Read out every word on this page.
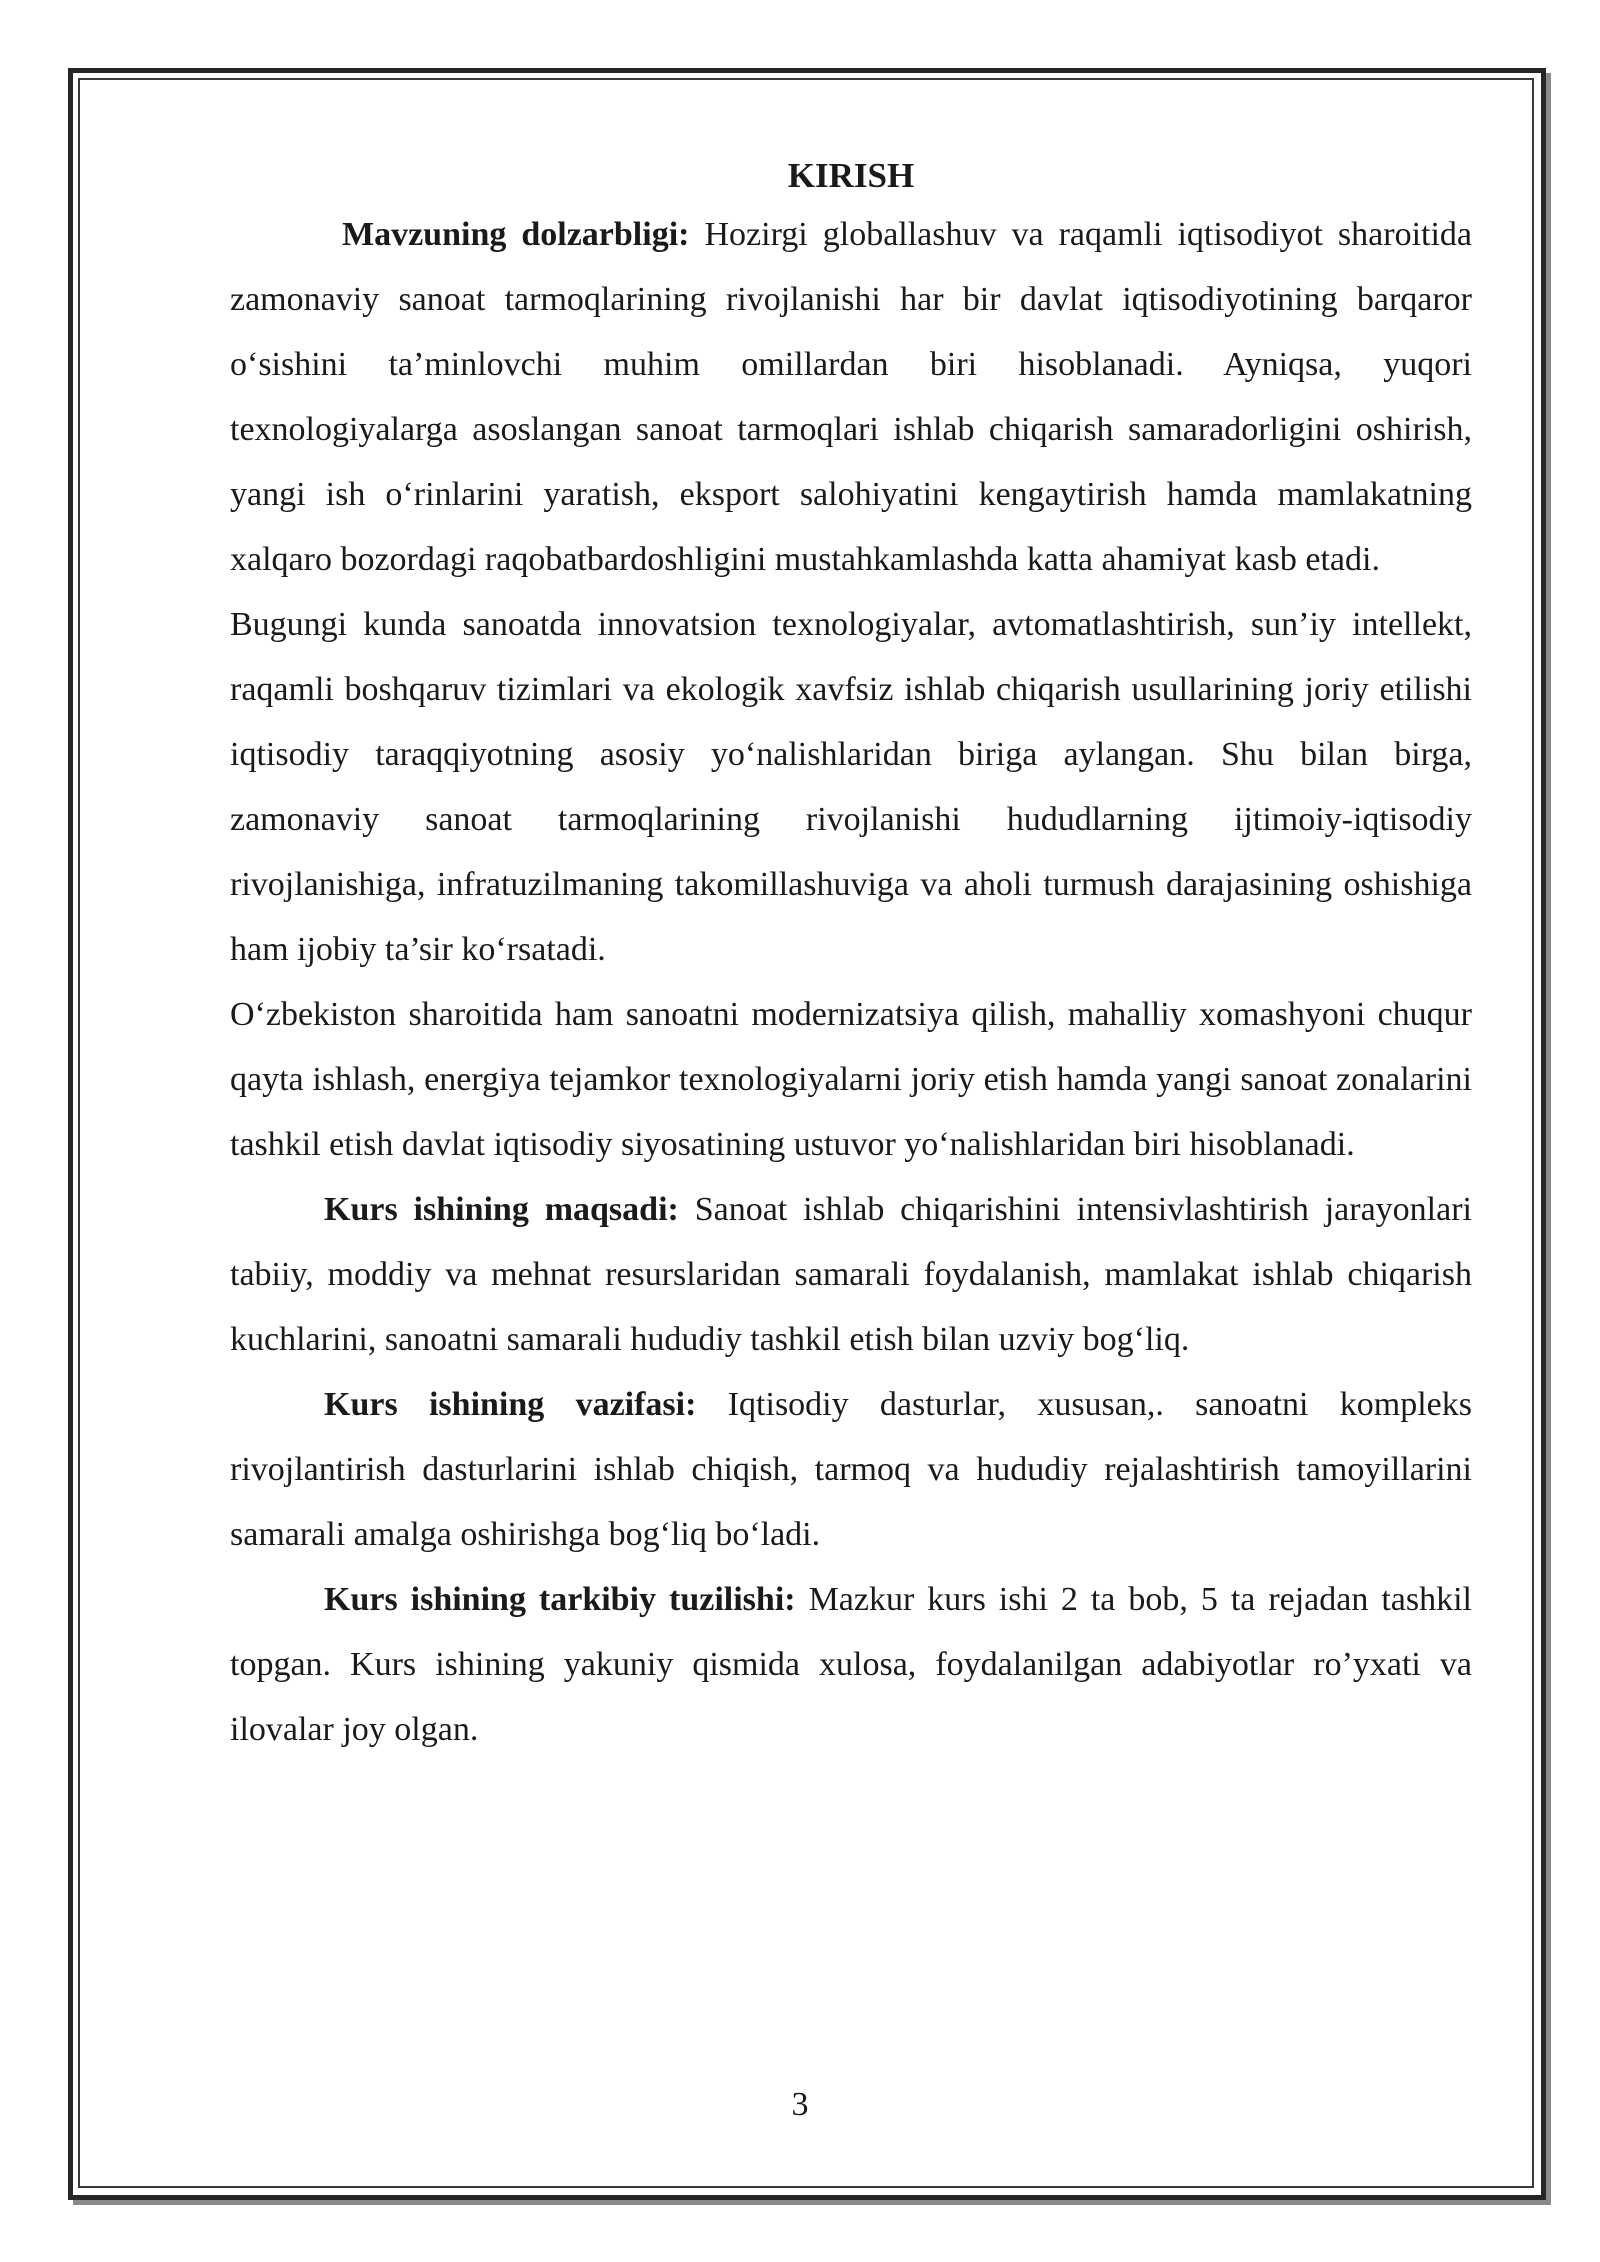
KIRISH

Mavzuning dolzarbligi: Hozirgi globallashuv va raqamli iqtisodiyot sharoitida zamonaviy sanoat tarmoqlarining rivojlanishi har bir davlat iqtisodiyotining barqaror o‘sishini ta’minlovchi muhim omillardan biri hisoblanadi. Ayniqsa, yuqori texnologiyalarga asoslangan sanoat tarmoqlari ishlab chiqarish samaradorligini oshirish, yangi ish o‘rinlarini yaratish, eksport salohiyatini kengaytirish hamda mamlakatning xalqaro bozordagi raqobatbardoshligini mustahkamlashda katta ahamiyat kasb etadi.

Bugungi kunda sanoatda innovatsion texnologiyalar, avtomatlashtirish, sun’iy intellekt, raqamli boshqaruv tizimlari va ekologik xavfsiz ishlab chiqarish usullarining joriy etilishi iqtisodiy taraqqiyotning asosiy yo‘nalishlaridan biriga aylangan. Shu bilan birga, zamonaviy sanoat tarmoqlarining rivojlanishi hududlarning ijtimoiy-iqtisodiy rivojlanishiga, infratuzilmaning takomillashuviga va aholi turmush darajasining oshishiga ham ijobiy ta’sir ko‘rsatadi.

O‘zbekiston sharoitida ham sanoatni modernizatsiya qilish, mahalliy xomashyoni chuqur qayta ishlash, energiya tejamkor texnologiyalarni joriy etish hamda yangi sanoat zonalarini tashkil etish davlat iqtisodiy siyosatining ustuvor yo‘nalishlaridan biri hisoblanadi.

Kurs ishining maqsadi: Sanoat ishlab chiqarishini intensivlashtirish jarayonlari tabiiy, moddiy va mehnat resurslaridan samarali foydalanish, mamlakat ishlab chiqarish kuchlarini, sanoatni samarali hududiy tashkil etish bilan uzviy bog‘liq.

Kurs ishining vazifasi: Iqtisodiy dasturlar, xususan,. sanoatni kompleks rivojlantirish dasturlarini ishlab chiqish, tarmoq va hududiy rejalashtirish tamoyillarini samarali amalga oshirishga bog‘liq bo‘ladi.

Kurs ishining tarkibiy tuzilishi: Mazkur kurs ishi 2 ta bob, 5 ta rejadan tashkil topgan. Kurs ishining yakuniy qismida xulosa, foydalanilgan adabiyotlar ro’yxati va ilovalar joy olgan.

3
